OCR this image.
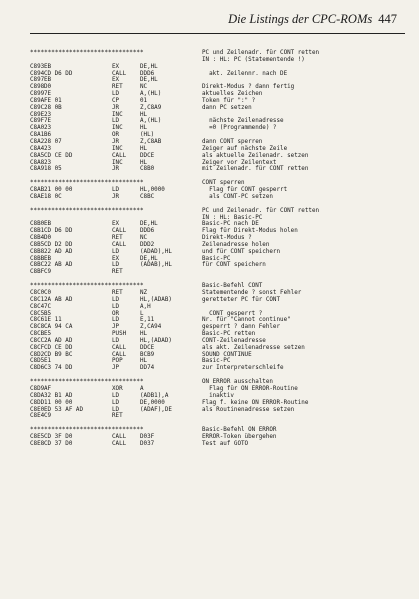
Die Listings der CPC-ROMs 447
********************************	PC und Zeilenadr. für CONT retten
IN : HL: PC (Statementende !)
C893 EB	EX	DE,HL
C894 CD D6 DD	CALL DDD6	akt. Zeilennr. nach DE
C897 EB	EX	DE,HL
C898 D0	RET	NC	Direkt-Modus ? dann fertig
C899 7E	LD	A,(HL)	aktuelles Zeichen
C89A FE 01	CP	01	Token für ":" ?
C89C 28 0B	JR	Z,C8A9	dann PC setzen
C89E 23	INC	HL
C89F 7E	LD	A,(HL)	nächste Zeilenadresse
C8A0 23	INC	HL	=0 (Programmende) ?
C8A1 B6	OR	(HL)
C8A2 28 07	JR	Z,C8AB	dann CONT sperren
C8A4 23	INC	HL	Zeiger auf nächste Zeile
C8A5 CD CE DD	CALL DDCE	als aktuelle Zeilenadr. setzen
C8A8 23	INC	HL	Zeiger vor Zeilentext
C8A9 18 05	JR	C8B0	mit Zeilenadr. für CONT retten
********************************	CONT sperren
C8AB 21 00 00	LD	HL,0000	Flag für CONT gesperrt
C8AE 18 0C	JR	C8BC	als CONT-PC setzen
********************************	PC und Zeilenadr. für CONT retten
IN : HL: Basic-PC
C8B0 EB	EX	DE,HL	Basic-PC nach DE
C8B1 CD D6 DD	CALL DDD6	Flag für Direkt-Modus holen
C8B4 D0	RET	NC	Direkt-Modus ?
C8B5 CD D2 DD	CALL DDD2	Zeilenadresse holen
C8B8 22 AD AD	LD	(ADAD),HL	und für CONT speichern
C8BB EB	EX	DE,HL	Basic-PC
C8BC 22 AB AD	LD	(ADAB),HL	für CONT speichern
C8BF C9	RET
********************************	Basic-Befehl CONT
C8C0 C0	RET	NZ	Statementende ? sonst Fehler
C8C1 2A AB AD	LD	HL,(ADAB)	geretteter PC für CONT
C8C4 7C	LD	A,H
C8C5 B5	OR	L	CONT gesperrt ?
C8C6 1E 11	LD	E,11	Nr. für "Cannot continue"
C8C8 CA 94 CA	JP	Z,CA94	gesperrt ? dann Fehler
C8CB E5	PUSH HL	Basic-PC retten
C8CC 2A AD AD	LD	HL,(ADAD)	CONT-Zeilenadresse
C8CF CD CE DD	CALL DDCE	als akt. Zeilenadresse setzen
C8D2 CD B9 BC	CALL BCB9	SOUND CONTINUE
C8D5 E1	POP	HL	Basic-PC
C8D6 C3 74 DD	JP	DD74	zur Interpreterschleife
********************************	ON ERROR ausschalten
C8D9 AF	XOR	A	Flag für ON ERROR-Routine
C8DA 32 B1 AD	LD	(ADB1),A	inaktiv
C8DD 11 00 00	LD	DE,0000	Flag f. keine ON ERROR-Routine
C8E0 ED 53 AF AD	LD	(ADAF),DE	als Routinenadresse setzen
C8E4 C9	RET
********************************	Basic-Befehl ON ERROR
C8E5 CD 3F D0	CALL D03F	ERROR-Token übergehen
C8E8 CD 37 D0	CALL D037	Test auf GOTO
